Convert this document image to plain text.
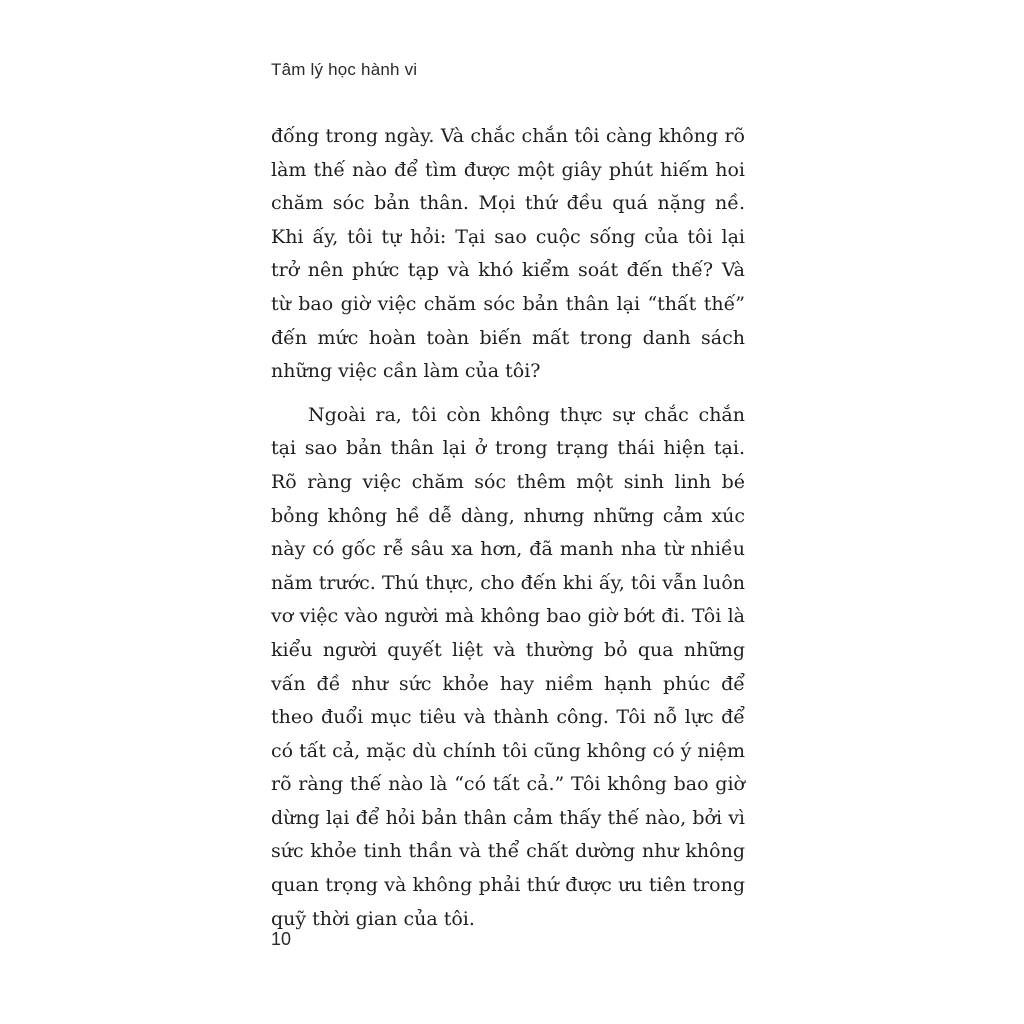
Tâm lý học hành vi

đống trong ngày. Và chắc chắn tôi càng không rõ làm thế nào để tìm được một giây phút hiếm hoi chăm sóc bản thân. Mọi thứ đều quá nặng nề. Khi ấy, tôi tự hỏi: Tại sao cuộc sống của tôi lại trở nên phức tạp và khó kiểm soát đến thế? Và từ bao giờ việc chăm sóc bản thân lại “thất thế” đến mức hoàn toàn biến mất trong danh sách những việc cần làm của tôi?

Ngoài ra, tôi còn không thực sự chắc chắn tại sao bản thân lại ở trong trạng thái hiện tại. Rõ ràng việc chăm sóc thêm một sinh linh bé bỏng không hề dễ dàng, nhưng những cảm xúc này có gốc rễ sâu xa hơn, đã manh nha từ nhiều năm trước. Thú thực, cho đến khi ấy, tôi vẫn luôn vơ việc vào người mà không bao giờ bớt đi. Tôi là kiểu người quyết liệt và thường bỏ qua những vấn đề như sức khỏe hay niềm hạnh phúc để theo đuổi mục tiêu và thành công. Tôi nỗ lực để có tất cả, mặc dù chính tôi cũng không có ý niệm rõ ràng thế nào là “có tất cả.” Tôi không bao giờ dừng lại để hỏi bản thân cảm thấy thế nào, bởi vì sức khỏe tinh thần và thể chất dường như không quan trọng và không phải thứ được ưu tiên trong quỹ thời gian của tôi.

10
